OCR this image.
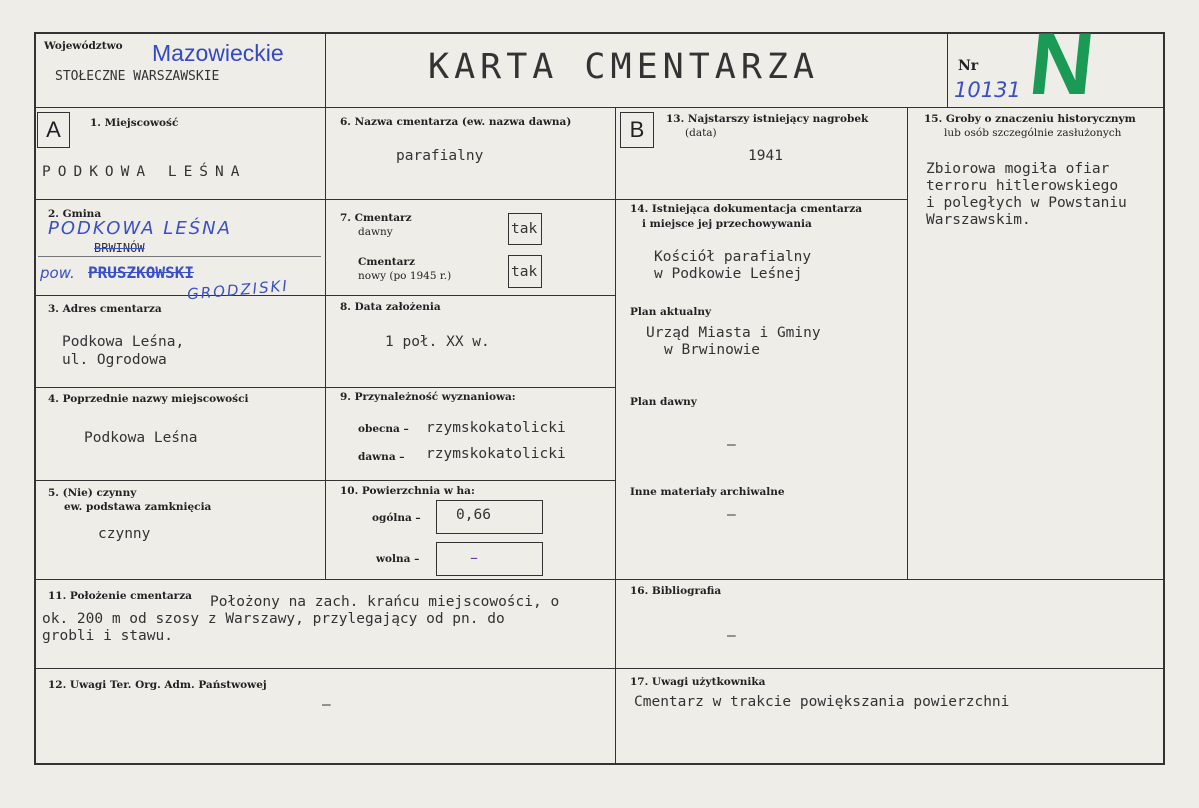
Województwo Mazowieckie
STOŁECZNE WARSZAWSKIE	KARTA CMENTARZA	Nr
10131 N
A	1. Miejscowość
PODKOWA LEŚNA
2. Gmina
PODKOWA LEŚNA
BRWINÓW
pow. PRUSZKOWSKI
GRODZISKI
3. Adres cmentarza
Podkowa Leśna,
ul. Ogrodowa
4. Poprzednie nazwy miejscowości
Podkowa Leśna
5. (Nie) czynny
ew. podstawa zamknięcia
czynny
6. Nazwa cmentarza (ew. nazwa dawna)
parafialny
7. Cmentarz
dawny	tak
Cmentarz
nowy (po 1945 r.)	tak
8. Data założenia
1 poł. XX w.
9. Przynależność wyznaniowa:
obecna – rzymskokatolicki
dawna – rzymskokatolicki
10. Powierzchnia w ha:
ogólna – 0,66
wolna –	–
B	13. Najstarszy istniejący nagrobek
(data)
1941
14. Istniejąca dokumentacja cmentarza
i miejsce jej przechowywania
Kościół parafialny
w Podkowie Leśnej
Plan aktualny
Urząd Miasta i Gminy
w Brwinowie
Plan dawny
–
Inne materiały archiwalne
–
15. Groby o znaczeniu historycznym
lub osób szczególnie zasłużonych
Zbiorowa mogiła ofiar
terroru hitlerowskiego
i poległych w Powstaniu
Warszawskim.
11. Położenie cmentarza Położony na zach. krańcu miejscowości, o
ok. 200 m od szosy z Warszawy, przylegający od pn. do
grobli i stawu.
16. Bibliografia
–
12. Uwagi Ter. Org. Adm. Państwowej
–
17. Uwagi użytkownika
Cmentarz w trakcie powiększania powierzchni
